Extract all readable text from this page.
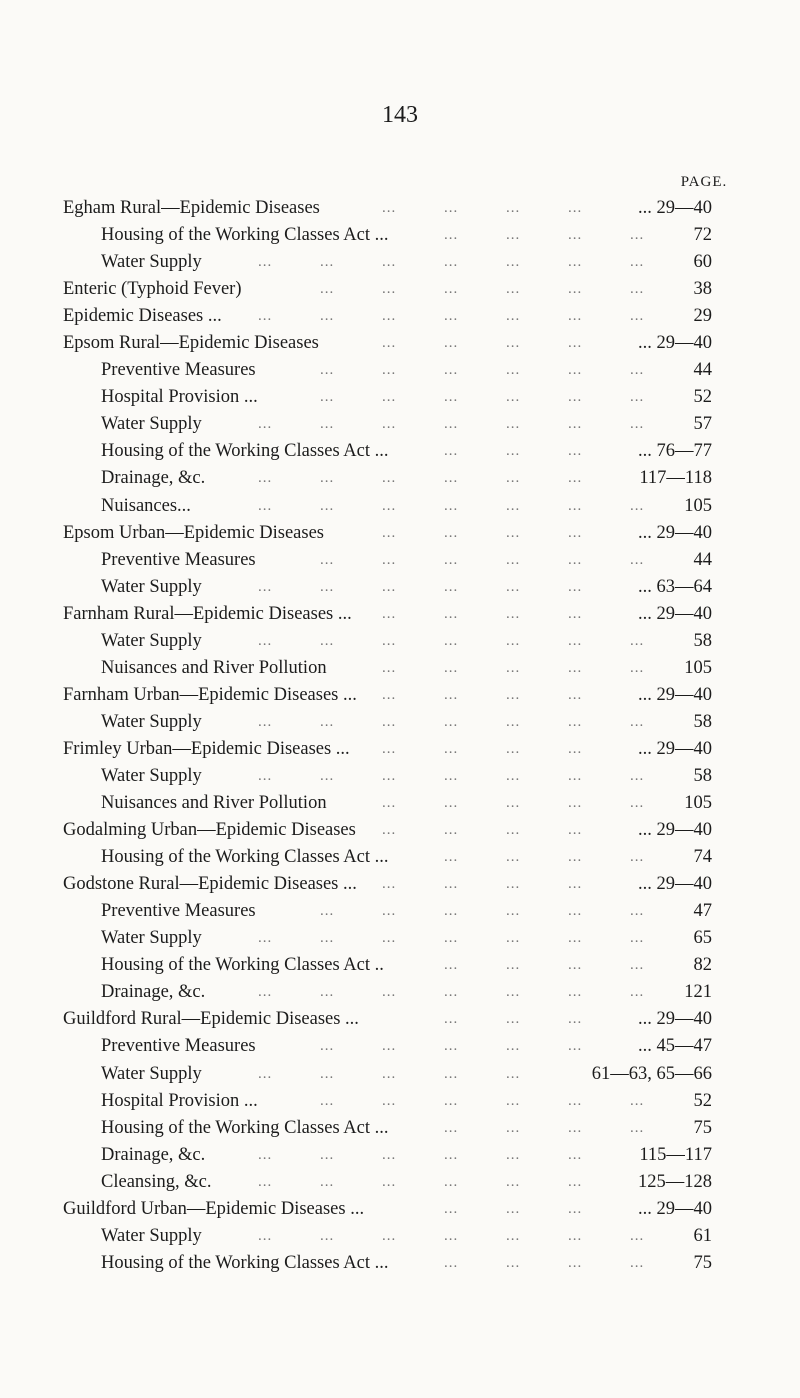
143
PAGE.
Egham Rural—Epidemic Diseases	... 29—40
...	...	...	...
Housing of the Working Classes Act ...	72
...	...	...	...
Water Supply	60
...	...	...	...	...	...	...
Enteric (Typhoid Fever)	38
...	...	...	...	...	...
Epidemic Diseases ...	29
...	...	...	...	...	...	...
Epsom Rural—Epidemic Diseases	... 29—40
...	...	...	...
Preventive Measures	44
...	...	...	...	...	...
Hospital Provision ...	52
...	...	...	...	...	...
Water Supply	57
...	...	...	...	...	...	...
Housing of the Working Classes Act ...	... 76—77
...	...	...
Drainage, &c.	117—118
...	...	...	...	...	...
Nuisances...	105
...	...	...	...	...	...	...
Epsom Urban—Epidemic Diseases	... 29—40
...	...	...	...
Preventive Measures	44
...	...	...	...	...	...
Water Supply	... 63—64
...	...	...	...	...	...
Farnham Rural—Epidemic Diseases ...	... 29—40
...	...	...	...
Water Supply	58
...	...	...	...	...	...	...
Nuisances and River Pollution	105
...	...	...	...	...
Farnham Urban—Epidemic Diseases ...	... 29—40
...	...	...	...
Water Supply	58
...	...	...	...	...	...	...
Frimley Urban—Epidemic Diseases ...	... 29—40
...	...	...	...
Water Supply	58
...	...	...	...	...	...	...
Nuisances and River Pollution	105
...	...	...	...	...
Godalming Urban—Epidemic Diseases	... 29—40
...	...	...	...
Housing of the Working Classes Act ...	74
...	...	...	...
Godstone Rural—Epidemic Diseases ...	... 29—40
...	...	...	...
Preventive Measures	47
...	...	...	...	...	...
Water Supply	65
...	...	...	...	...	...	...
Housing of the Working Classes Act ..	82
...	...	...	...
Drainage, &c.	121
...	...	...	...	...	...	...
Guildford Rural—Epidemic Diseases ...	... 29—40
...	...	...
Preventive Measures	... 45—47
...	...	...	...	...
Water Supply	61—63, 65—66
...	...	...	...	...
Hospital Provision ...	52
...	...	...	...	...	...
Housing of the Working Classes Act ...	75
...	...	...	...
Drainage, &c.	115—117
...	...	...	...	...	...
Cleansing, &c.	125—128
...	...	...	...	...	...
Guildford Urban—Epidemic Diseases ...	... 29—40
...	...	...
Water Supply	61
...	...	...	...	...	...	...
Housing of the Working Classes Act ...	75
...	...	...	...
